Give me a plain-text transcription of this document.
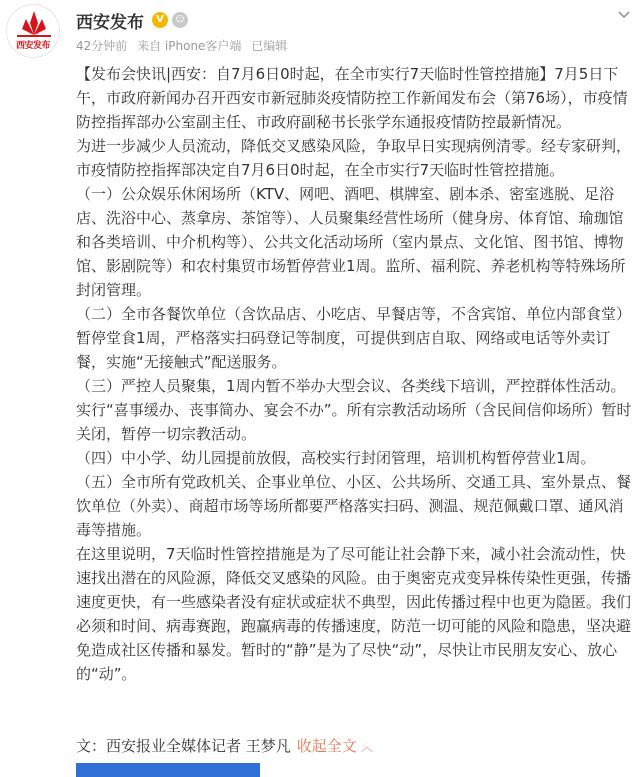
西安发布
西安发布	V	☺
42分钟前 来自 iPhone客户端 已编辑

【发布会快讯|西安：自7月6日0时起，在全市实行7天临时性管控措施】7月5日下午，市政府新闻办召开西安市新冠肺炎疫情防控工作新闻发布会（第76场），市疫情防控指挥部办公室副主任、市政府副秘书长张学东通报疫情防控最新情况。

为进一步减少人员流动，降低交叉感染风险，争取早日实现病例清零。经专家研判，市疫情防控指挥部决定自7月6日0时起，在全市实行7天临时性管控措施。

（一）公众娱乐休闲场所（KTV、网吧、酒吧、棋牌室、剧本杀、密室逃脱、足浴店、洗浴中心、蒸拿房、茶馆等）、人员聚集经营性场所（健身房、体育馆、瑜珈馆和各类培训、中介机构等）、公共文化活动场所（室内景点、文化馆、图书馆、博物馆、影剧院等）和农村集贸市场暂停营业1周。监所、福利院、养老机构等特殊场所封闭管理。

（二）全市各餐饮单位（含饮品店、小吃店、早餐店等，不含宾馆、单位内部食堂）暂停堂食1周，严格落实扫码登记等制度，可提供到店自取、网络或电话等外卖订餐，实施“无接触式”配送服务。

（三）严控人员聚集，1周内暂不举办大型会议、各类线下培训，严控群体性活动。实行“喜事缓办、丧事简办、宴会不办”。所有宗教活动场所（含民间信仰场所）暂时关闭，暂停一切宗教活动。

（四）中小学、幼儿园提前放假，高校实行封闭管理，培训机构暂停营业1周。

（五）全市所有党政机关、企事业单位、小区、公共场所、交通工具、室外景点、餐饮单位（外卖）、商超市场等场所都要严格落实扫码、测温、规范佩戴口罩、通风消毒等措施。

在这里说明，7天临时性管控措施是为了尽可能让社会静下来，减小社会流动性，快速找出潜在的风险源，降低交叉感染的风险。由于奥密克戎变异株传染性更强，传播速度更快，有一些感染者没有症状或症状不典型，因此传播过程中也更为隐匿。我们必须和时间、病毒赛跑，跑赢病毒的传播速度，防范一切可能的风险和隐患，坚决避免造成社区传播和暴发。暂时的“静”是为了尽快“动”，尽快让市民朋友安心、放心的“动”。

文：西安报业全媒体记者 王梦凡 收起全文 ︿
